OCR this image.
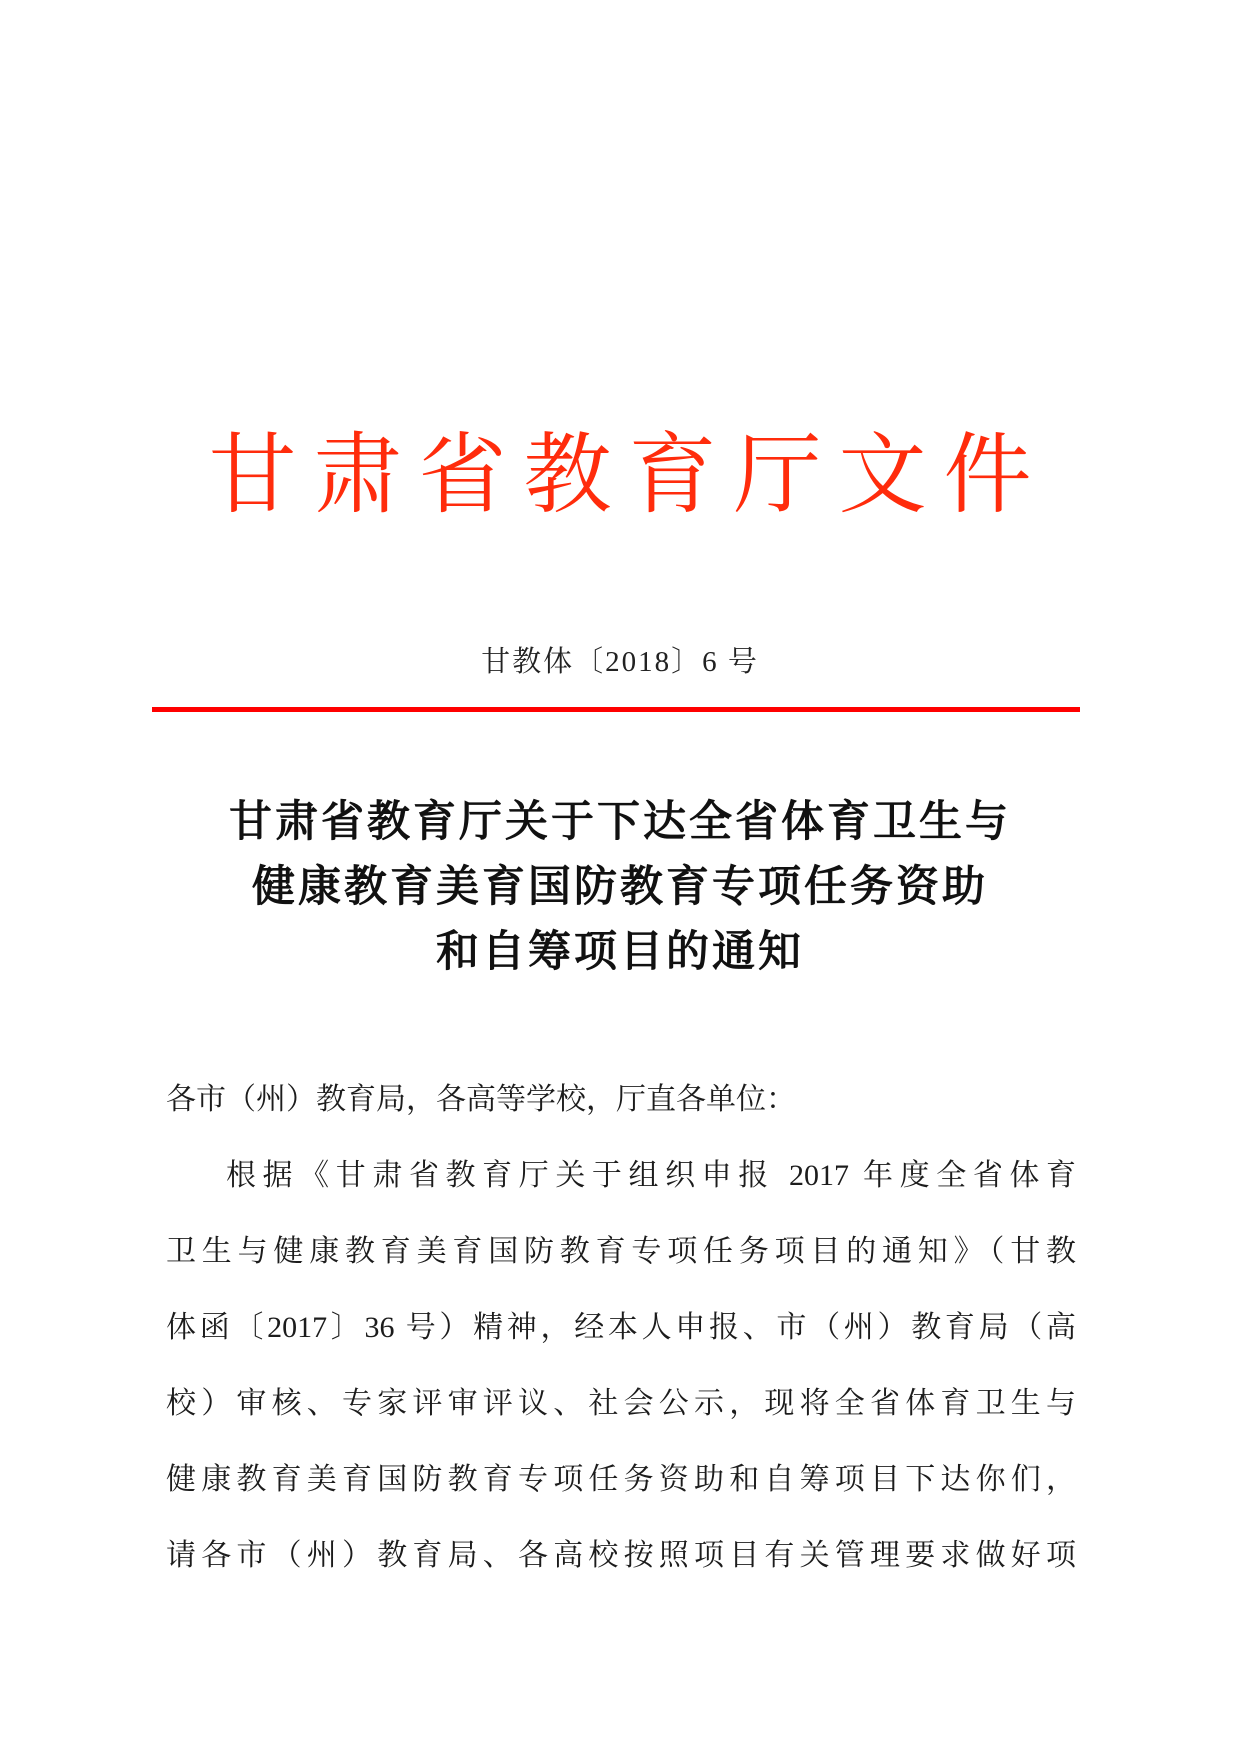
甘肃省教育厅文件
甘教体〔2018〕6 号
甘肃省教育厅关于下达全省体育卫生与
健康教育美育国防教育专项任务资助
和自筹项目的通知
各市（州）教育局，各高等学校，厅直各单位：
根据《甘肃省教育厅关于组织申报 2017 年度全省体育
卫生与健康教育美育国防教育专项任务项目的通知》（甘教
体函〔2017〕36 号）精神，经本人申报、市（州）教育局（高
校）审核、专家评审评议、社会公示，现将全省体育卫生与
健康教育美育国防教育专项任务资助和自筹项目下达你们，
请各市（州）教育局、各高校按照项目有关管理要求做好项
